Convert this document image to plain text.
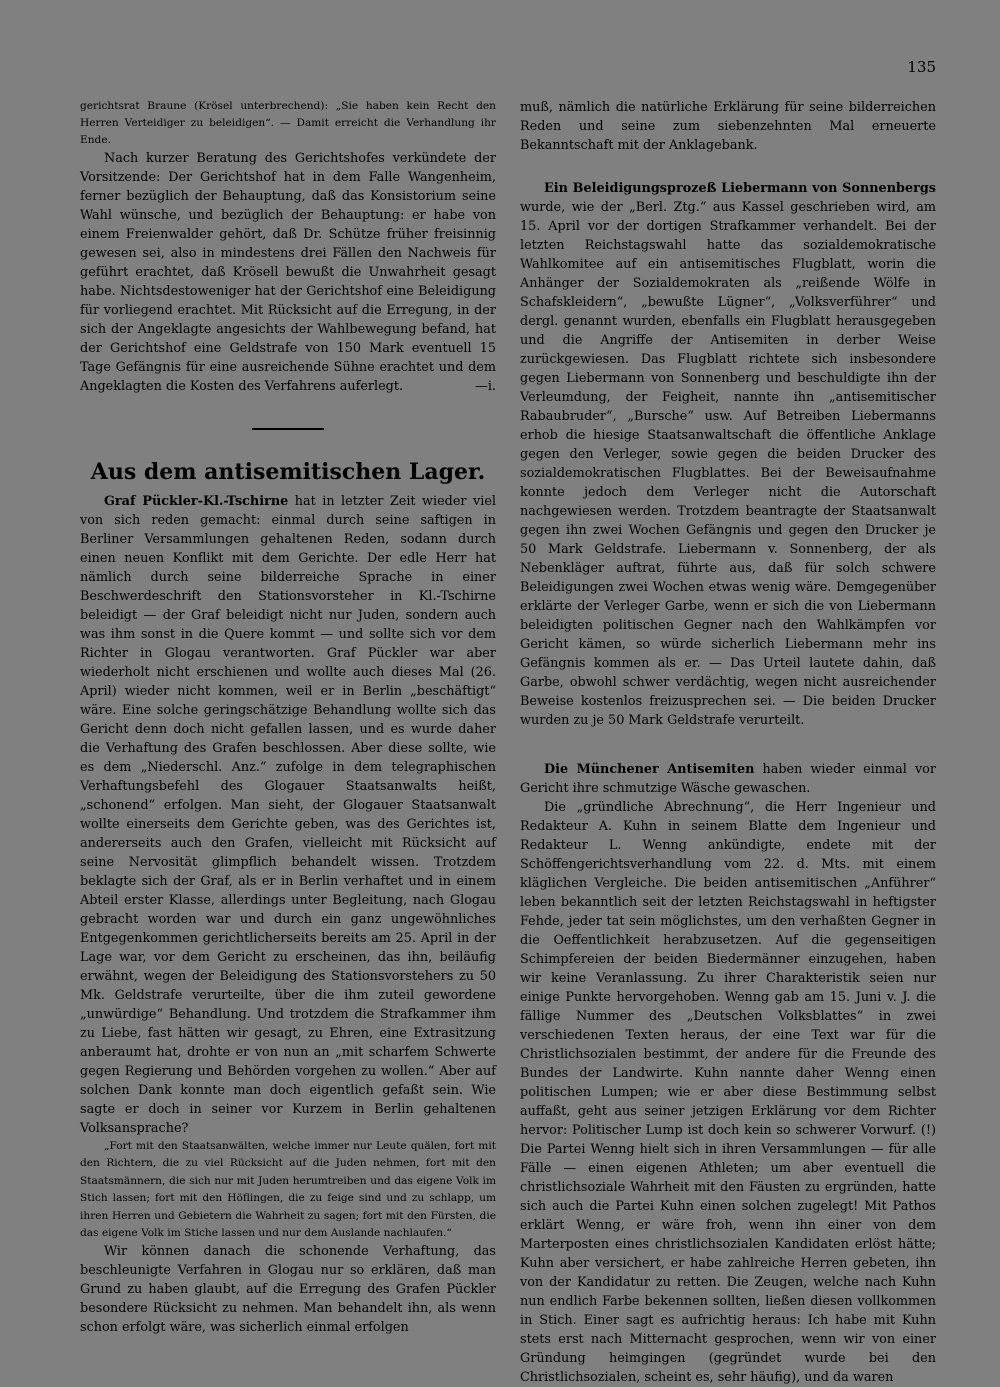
135

gerichtsrat Braune (Krösel unterbrechend): „Sie haben kein Recht den Herren Verteidiger zu beleidigen“. — Damit erreicht die Verhandlung ihr Ende.

Nach kurzer Beratung des Gerichtshofes verkündete der Vorsitzende: Der Gerichtshof hat in dem Falle Wangenheim, ferner bezüglich der Behauptung, daß das Konsistorium seine Wahl wünsche, und bezüglich der Behauptung: er habe von einem Freienwalder gehört, daß Dr. Schütze früher freisinnig gewesen sei, also in mindestens drei Fällen den Nachweis für geführt erachtet, daß Krösell bewußt die Unwahrheit gesagt habe. Nichtsdestoweniger hat der Gerichtshof eine Beleidigung für vorliegend erachtet. Mit Rücksicht auf die Erregung, in der sich der Angeklagte angesichts der Wahlbewegung befand, hat der Gerichtshof eine Geldstrafe von 150 Mark eventuell 15 Tage Gefängnis für eine ausreichende Sühne erachtet und dem Angeklagten die Kosten des Verfahrens auferlegt.	—i.

Aus dem antisemitischen Lager.

Graf Pückler-Kl.-Tschirne hat in letzter Zeit wieder viel von sich reden gemacht: einmal durch seine saftigen in Berliner Versammlungen gehaltenen Reden, sodann durch einen neuen Konflikt mit dem Gerichte. Der edle Herr hat nämlich durch seine bilderreiche Sprache in einer Beschwerdeschrift den Stationsvorsteher in Kl.-Tschirne beleidigt — der Graf beleidigt nicht nur Juden, sondern auch was ihm sonst in die Quere kommt — und sollte sich vor dem Richter in Glogau verantworten. Graf Pückler war aber wiederholt nicht erschienen und wollte auch dieses Mal (26. April) wieder nicht kommen, weil er in Berlin „beschäftigt“ wäre. Eine solche geringschätzige Behandlung wollte sich das Gericht denn doch nicht gefallen lassen, und es wurde daher die Verhaftung des Grafen beschlossen. Aber diese sollte, wie es dem „Niederschl. Anz.“ zufolge in dem telegraphischen Verhaftungsbefehl des Glogauer Staatsanwalts heißt, „schonend“ erfolgen. Man sieht, der Glogauer Staatsanwalt wollte einerseits dem Gerichte geben, was des Gerichtes ist, andererseits auch den Grafen, vielleicht mit Rücksicht auf seine Nervosität glimpflich behandelt wissen. Trotzdem beklagte sich der Graf, als er in Berlin verhaftet und in einem Abteil erster Klasse, allerdings unter Begleitung, nach Glogau gebracht worden war und durch ein ganz ungewöhnliches Entgegenkommen gerichtlicherseits bereits am 25. April in der Lage war, vor dem Gericht zu erscheinen, das ihn, beiläufig erwähnt, wegen der Beleidigung des Stationsvorstehers zu 50 Mk. Geldstrafe verurteilte, über die ihm zuteil gewordene „unwürdige“ Behandlung. Und trotzdem die Strafkammer ihm zu Liebe, fast hätten wir gesagt, zu Ehren, eine Extrasitzung anberaumt hat, drohte er von nun an „mit scharfem Schwerte gegen Regierung und Behörden vorgehen zu wollen.“ Aber auf solchen Dank konnte man doch eigentlich gefaßt sein. Wie sagte er doch in seiner vor Kurzem in Berlin gehaltenen Volksansprache?

„Fort mit den Staatsanwälten, welche immer nur Leute quälen, fort mit den Richtern, die zu viel Rücksicht auf die Juden nehmen, fort mit den Staatsmännern, die sich nur mit Juden herumtreiben und das eigene Volk im Stich lassen; fort mit den Höflingen, die zu feige sind und zu schlapp, um ihren Herren und Gebietern die Wahrheit zu sagen; fort mit den Fürsten, die das eigene Volk im Stiche lassen und nur dem Auslande nachlaufen.“

Wir können danach die schonende Verhaftung, das beschleunigte Verfahren in Glogau nur so erklären, daß man Grund zu haben glaubt, auf die Erregung des Grafen Pückler besondere Rücksicht zu nehmen. Man behandelt ihn, als wenn schon erfolgt wäre, was sicherlich einmal erfolgen

muß, nämlich die natürliche Erklärung für seine bilderreichen Reden und seine zum siebenzehnten Mal erneuerte Bekanntschaft mit der Anklagebank.

Ein Beleidigungsprozeß Liebermann von Sonnenbergs wurde, wie der „Berl. Ztg.“ aus Kassel geschrieben wird, am 15. April vor der dortigen Strafkammer verhandelt. Bei der letzten Reichstagswahl hatte das sozialdemokratische Wahlkomitee auf ein antisemitisches Flugblatt, worin die Anhänger der Sozialdemokraten als „reißende Wölfe in Schafskleidern“, „bewußte Lügner“, „Volksverführer“ und dergl. genannt wurden, ebenfalls ein Flugblatt herausgegeben und die Angriffe der Antisemiten in derber Weise zurückgewiesen. Das Flugblatt richtete sich insbesondere gegen Liebermann von Sonnenberg und beschuldigte ihn der Verleumdung, der Feigheit, nannte ihn „antisemitischer Rabaubruder“, „Bursche“ usw. Auf Betreiben Liebermanns erhob die hiesige Staatsanwaltschaft die öffentliche Anklage gegen den Verleger, sowie gegen die beiden Drucker des sozialdemokratischen Flugblattes. Bei der Beweisaufnahme konnte jedoch dem Verleger nicht die Autorschaft nachgewiesen werden. Trotzdem beantragte der Staatsanwalt gegen ihn zwei Wochen Gefängnis und gegen den Drucker je 50 Mark Geldstrafe. Liebermann v. Sonnenberg, der als Nebenkläger auftrat, führte aus, daß für solch schwere Beleidigungen zwei Wochen etwas wenig wäre. Demgegenüber erklärte der Verleger Garbe, wenn er sich die von Liebermann beleidigten politischen Gegner nach den Wahlkämpfen vor Gericht kämen, so würde sicherlich Liebermann mehr ins Gefängnis kommen als er. — Das Urteil lautete dahin, daß Garbe, obwohl schwer verdächtig, wegen nicht ausreichender Beweise kostenlos freizusprechen sei. — Die beiden Drucker wurden zu je 50 Mark Geldstrafe verurteilt.

Die Münchener Antisemiten haben wieder einmal vor Gericht ihre schmutzige Wäsche gewaschen.

Die „gründliche Abrechnung“, die Herr Ingenieur und Redakteur A. Kuhn in seinem Blatte dem Ingenieur und Redakteur L. Wenng ankündigte, endete mit der Schöffengerichtsverhandlung vom 22. d. Mts. mit einem kläglichen Vergleiche. Die beiden antisemitischen „Anführer“ leben bekanntlich seit der letzten Reichstagswahl in heftigster Fehde, jeder tat sein möglichstes, um den verhaßten Gegner in die Oeffentlichkeit herabzusetzen. Auf die gegenseitigen Schimpfereien der beiden Biedermänner einzugehen, haben wir keine Veranlassung. Zu ihrer Charakteristik seien nur einige Punkte hervorgehoben. Wenng gab am 15. Juni v. J. die fällige Nummer des „Deutschen Volksblattes“ in zwei verschiedenen Texten heraus, der eine Text war für die Christlichsozialen bestimmt, der andere für die Freunde des Bundes der Landwirte. Kuhn nannte daher Wenng einen politischen Lumpen; wie er aber diese Bestimmung selbst auffaßt, geht aus seiner jetzigen Erklärung vor dem Richter hervor: Politischer Lump ist doch kein so schwerer Vorwurf. (!) Die Partei Wenng hielt sich in ihren Versammlungen — für alle Fälle — einen eigenen Athleten; um aber eventuell die christlichsoziale Wahrheit mit den Fäusten zu ergründen, hatte sich auch die Partei Kuhn einen solchen zugelegt! Mit Pathos erklärt Wenng, er wäre froh, wenn ihn einer von dem Marterposten eines christlichsozialen Kandidaten erlöst hätte; Kuhn aber versichert, er habe zahlreiche Herren gebeten, ihn von der Kandidatur zu retten. Die Zeugen, welche nach Kuhn nun endlich Farbe bekennen sollten, ließen diesen vollkommen in Stich. Einer sagt es aufrichtig heraus: Ich habe mit Kuhn stets erst nach Mitternacht gesprochen, wenn wir von einer Gründung heimgingen (gegründet wurde bei den Christlichsozialen, scheint es, sehr häufig), und da waren
